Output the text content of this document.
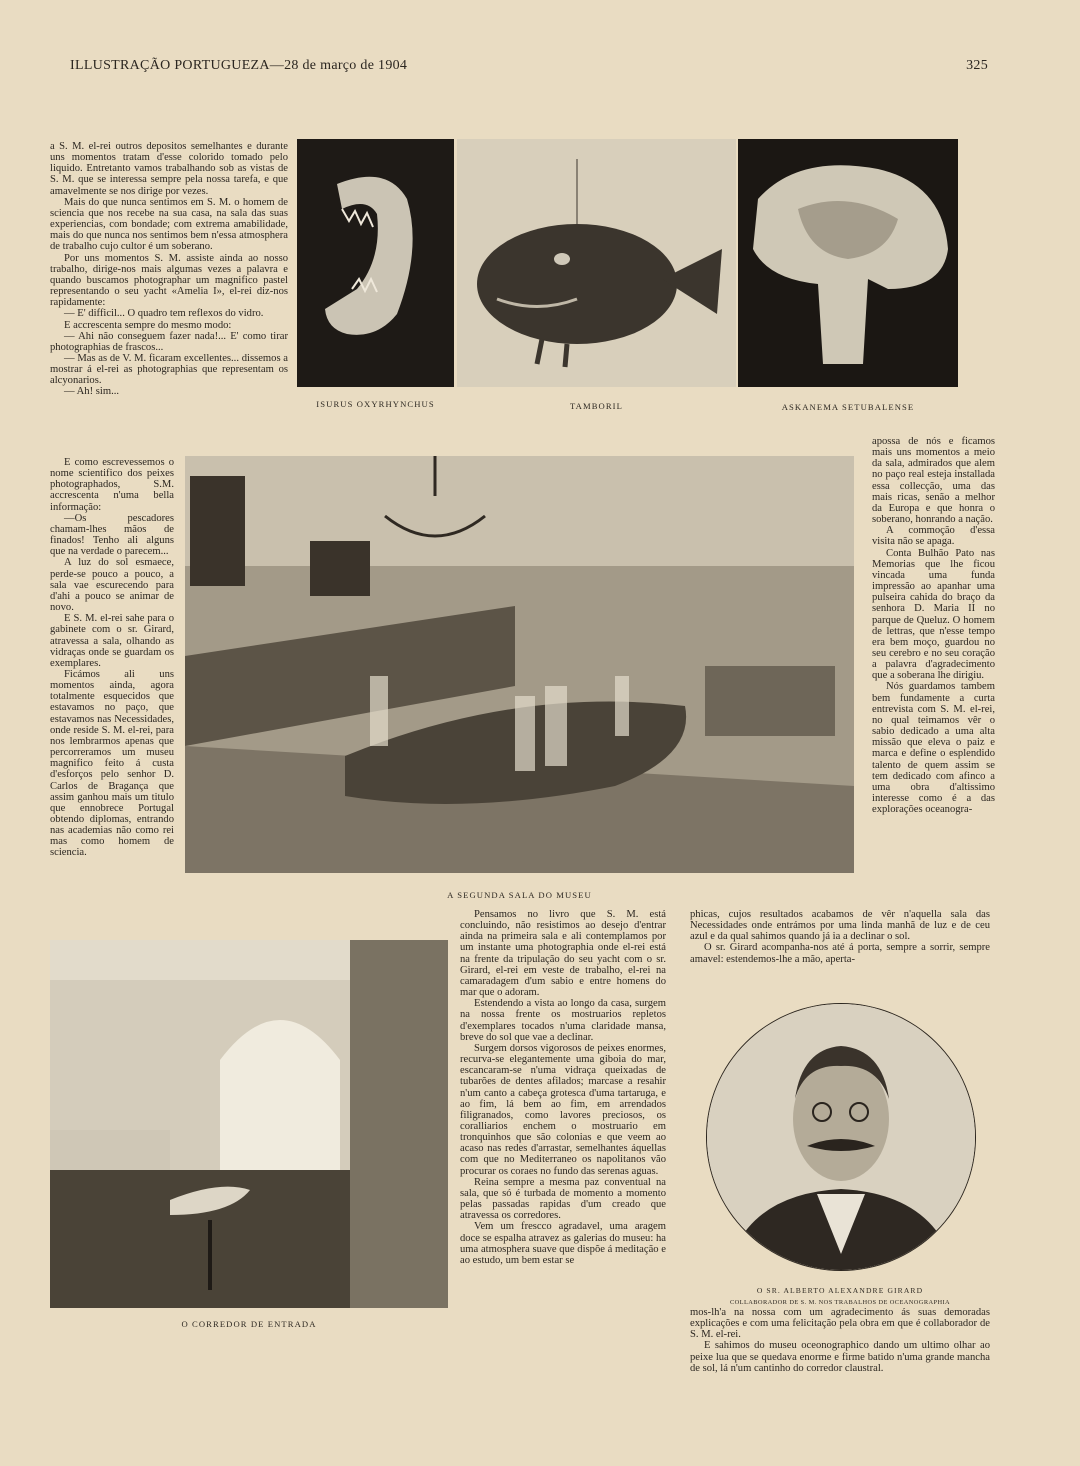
ILLUSTRAÇÃO PORTUGUEZA—28 de março de 1904	325

a S. M. el-rei outros depositos semelhantes e durante uns momentos tratam d'esse colorido tomado pelo liquido. Entretanto vamos trabalhando sob as vistas de S. M. que se interessa sempre pela nossa tarefa, e que amavelmente se nos dirige por vezes.

Mais do que nunca sentimos em S. M. o homem de sciencia que nos recebe na sua casa, na sala das suas experiencias, com bondade; com extrema amabilidade, mais do que nunca nos sentimos bem n'essa atmosphera de trabalho cujo cultor é um soberano.

Por uns momentos S. M. assiste ainda ao nosso trabalho, dirige-nos mais algumas vezes a palavra e quando buscamos photographar um magnifico pastel representando o seu yacht «Amelia I», el-rei diz-nos rapidamente:

— E' difficil... O quadro tem reflexos do vidro.

E accrescenta sempre do mesmo modo:

— Ahi não conseguem fazer nada!... E' como tirar photographias de frascos...

— Mas as de V. M. ficaram excellentes... dissemos a mostrar á el-rei as photographias que representam os alcyonarios.

— Ah! sim...

E como escrevessemos o nome scientifico dos peixes photographados, S.M. accrescenta n'uma bella informação:

—Os pescadores chamam-lhes mãos de finados! Tenho ali alguns que na verdade o parecem...

A luz do sol esmaece, perde-se pouco a pouco, a sala vae escurecendo para d'ahi a pouco se animar de novo.

E S. M. el-rei sahe para o gabinete com o sr. Girard, atravessa a sala, olhando as vidraças onde se guardam os exemplares.

Ficámos ali uns momentos ainda, agora totalmente esquecidos que estavamos no paço, que estavamos nas Necessidades, onde reside S. M. el-rei, para nos lembrarmos apenas que percorreramos um museu magnifico feito á custa d'esforços pelo senhor D. Carlos de Bragança que assim ganhou mais um titulo que ennobrece Portugal obtendo diplomas, entrando nas academias não como rei mas como homem de sciencia.

ISURUS OXYRHYNCHUS	TAMBORIL	ASKANEMA SETUBALENSE
A SEGUNDA SALA DO MUSEU

apossa de nós e ficamos mais uns momentos a meio da sala, admirados que alem no paço real esteja installada essa collecção, uma das mais ricas, senão a melhor da Europa e que honra o soberano, honrando a nação.

A commoção d'essa visita não se apaga.

Conta Bulhão Pato nas Memorias que lhe ficou vincada uma funda impressão ao apanhar uma pulseira cahida do braço da senhora D. Maria II no parque de Queluz. O homem de lettras, que n'esse tempo era bem moço, guardou no seu cerebro e no seu coração a palavra d'agradecimento que a soberana lhe dirigiu.

Nós guardamos tambem bem fundamente a curta entrevista com S. M. el-rei, no qual teimamos vêr o sabio dedicado a uma alta missão que eleva o paiz e marca e define o esplendido talento de quem assim se tem dedicado com afinco a uma obra d'altissimo interesse como é a das explorações oceanogra-

O CORREDOR DE ENTRADA

Pensamos no livro que S. M. está concluindo, não resistimos ao desejo d'entrar ainda na primeira sala e ali contemplamos por um instante uma photographia onde el-rei está na frente da tripulação do seu yacht com o sr. Girard, el-rei em veste de trabalho, el-rei na camaradagem d'um sabio e entre homens do mar que o adoram.

Estendendo a vista ao longo da casa, surgem na nossa frente os mostruarios repletos d'exemplares tocados n'uma claridade mansa, breve do sol que vae a declinar.

Surgem dorsos vigorosos de peixes enormes, recurva-se elegantemente uma giboia do mar, escancaram-se n'uma vidraça queixadas de tubarões de dentes afilados; marcase a resahir n'um canto a cabeça grotesca d'uma tartaruga, e ao fim, lá bem ao fim, em arrendados filigranados, como lavores preciosos, os coralliarios enchem o mostruario em tronquinhos que são colonias e que veem ao acaso nas redes d'arrastar, semelhantes áquellas com que no Mediterraneo os napolitanos vão procurar os coraes no fundo das serenas aguas.

Reina sempre a mesma paz conventual na sala, que só é turbada de momento a momento pelas passadas rapidas d'um creado que atravessa os corredores.

Vem um frescco agradavel, uma aragem doce se espalha atravez as galerias do museu: ha uma atmosphera suave que dispõe á meditação e ao estudo, um bem estar se

phicas, cujos resultados acabamos de vêr n'aquella sala das Necessidades onde entrámos por uma linda manhã de luz e de ceu azul e da qual sahimos quando já ia a declinar o sol.

O sr. Girard acompanha-nos até á porta, sempre a sorrir, sempre amavel: estendemos-lhe a mão, aperta-

O SR. ALBERTO ALEXANDRE GIRARD
COLLABORADOR DE S. M. NOS TRABALHOS DE OCEANOGRAPHIA

mos-lh'a na nossa com um agradecimento ás suas demoradas explicações e com uma felicitação pela obra em que é collaborador de S. M. el-rei.

E sahimos do museu oceonographico dando um ultimo olhar ao peixe lua que se quedava enorme e firme batido n'uma grande mancha de sol, lá n'um cantinho do corredor claustral.
